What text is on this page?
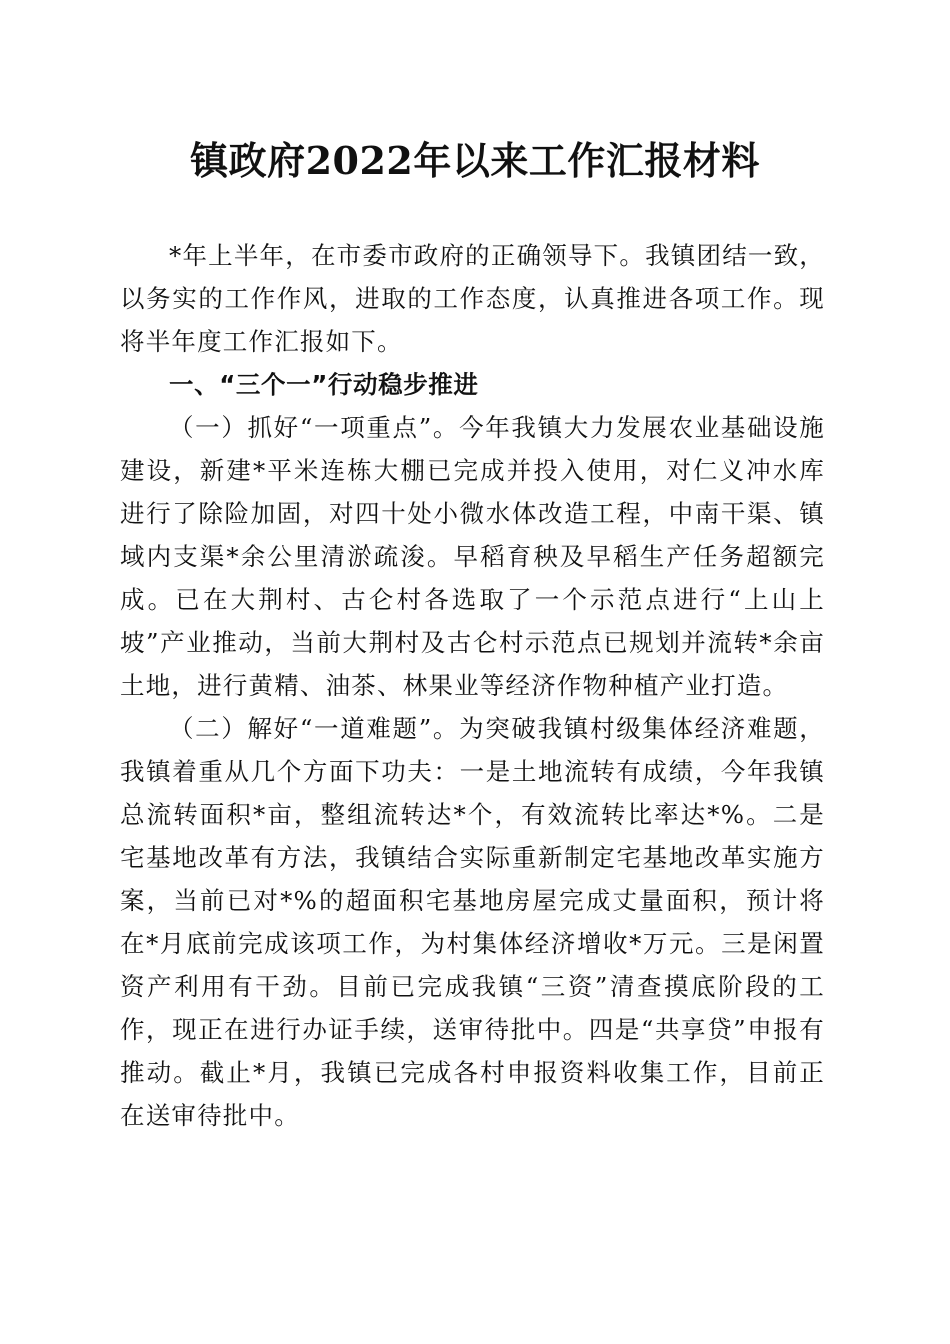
镇政府2022年以来工作汇报材料

*年上半年，在市委市政府的正确领导下。我镇团结一致，以务实的工作作风，进取的工作态度，认真推进各项工作。现将半年度工作汇报如下。

一、“三个一”行动稳步推进

（一）抓好“一项重点”。今年我镇大力发展农业基础设施建设，新建*平米连栋大棚已完成并投入使用，对仁义冲水库进行了除险加固，对四十处小微水体改造工程，中南干渠、镇域内支渠*余公里清淤疏浚。早稻育秧及早稻生产任务超额完成。已在大荆村、古仑村各选取了一个示范点进行“上山上坡”产业推动，当前大荆村及古仑村示范点已规划并流转*余亩土地，进行黄精、油茶、林果业等经济作物种植产业打造。

（二）解好“一道难题”。为突破我镇村级集体经济难题，我镇着重从几个方面下功夫：一是土地流转有成绩，今年我镇总流转面积*亩，整组流转达*个，有效流转比率达*%。二是宅基地改革有方法，我镇结合实际重新制定宅基地改革实施方案，当前已对*%的超面积宅基地房屋完成丈量面积，预计将在*月底前完成该项工作，为村集体经济增收*万元。三是闲置资产利用有干劲。目前已完成我镇“三资”清查摸底阶段的工作，现正在进行办证手续，送审待批中。四是“共享贷”申报有推动。截止*月，我镇已完成各村申报资料收集工作，目前正在送审待批中。
